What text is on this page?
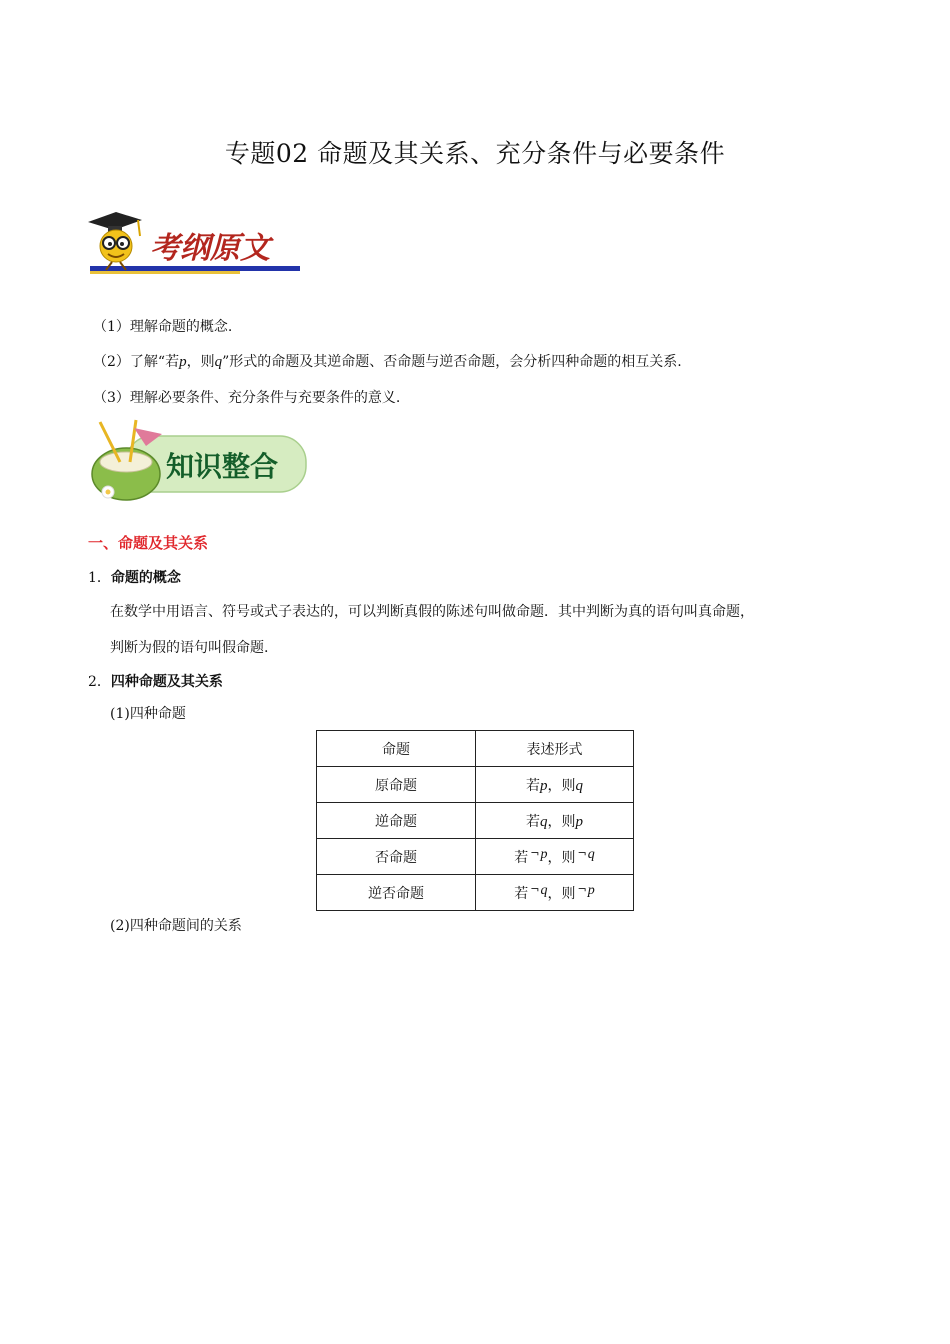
专题02 命题及其关系、充分条件与必要条件
考纲原文
（1）理解命题的概念.
（2）了解“若p，则q”形式的命题及其逆命题、否命题与逆否命题，会分析四种命题的相互关系.
（3）理解必要条件、充分条件与充要条件的意义.
知识整合
一、命题及其关系
1．命题的概念
在数学中用语言、符号或式子表达的，可以判断真假的陈述句叫做命题．其中判断为真的语句叫真命题，
判断为假的语句叫假命题.
2．四种命题及其关系
(1)四种命题
命题	表述形式
原命题	若p，则q
逆命题	若q，则p
否命题	若 ¬p，则 ¬q
逆否命题	若 ¬q，则 ¬p
(2)四种命题间的关系
